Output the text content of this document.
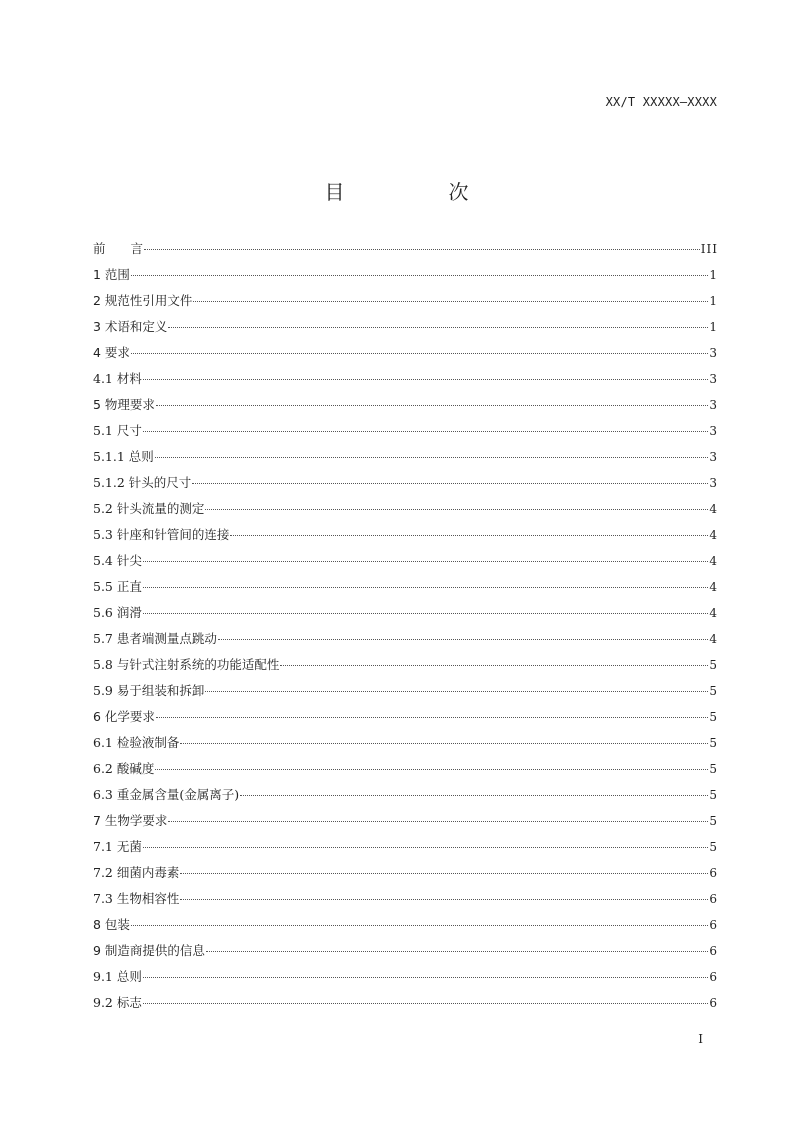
XX/T XXXXX—XXXX
目　次
前　　言	III
1 范围	1
2 规范性引用文件	1
3 术语和定义	1
4 要求	3
4.1 材料	3
5 物理要求	3
5.1 尺寸	3
5.1.1 总则	3
5.1.2 针头的尺寸	3
5.2 针头流量的测定	4
5.3 针座和针管间的连接	4
5.4 针尖	4
5.5 正直	4
5.6 润滑	4
5.7 患者端测量点跳动	4
5.8 与针式注射系统的功能适配性	5
5.9 易于组装和拆卸	5
6 化学要求	5
6.1 检验液制备	5
6.2 酸碱度	5
6.3 重金属含量(金属离子)	5
7 生物学要求	5
7.1 无菌	5
7.2 细菌内毒素	6
7.3 生物相容性	6
8 包装	6
9 制造商提供的信息	6
9.1 总则	6
9.2 标志	6
I
